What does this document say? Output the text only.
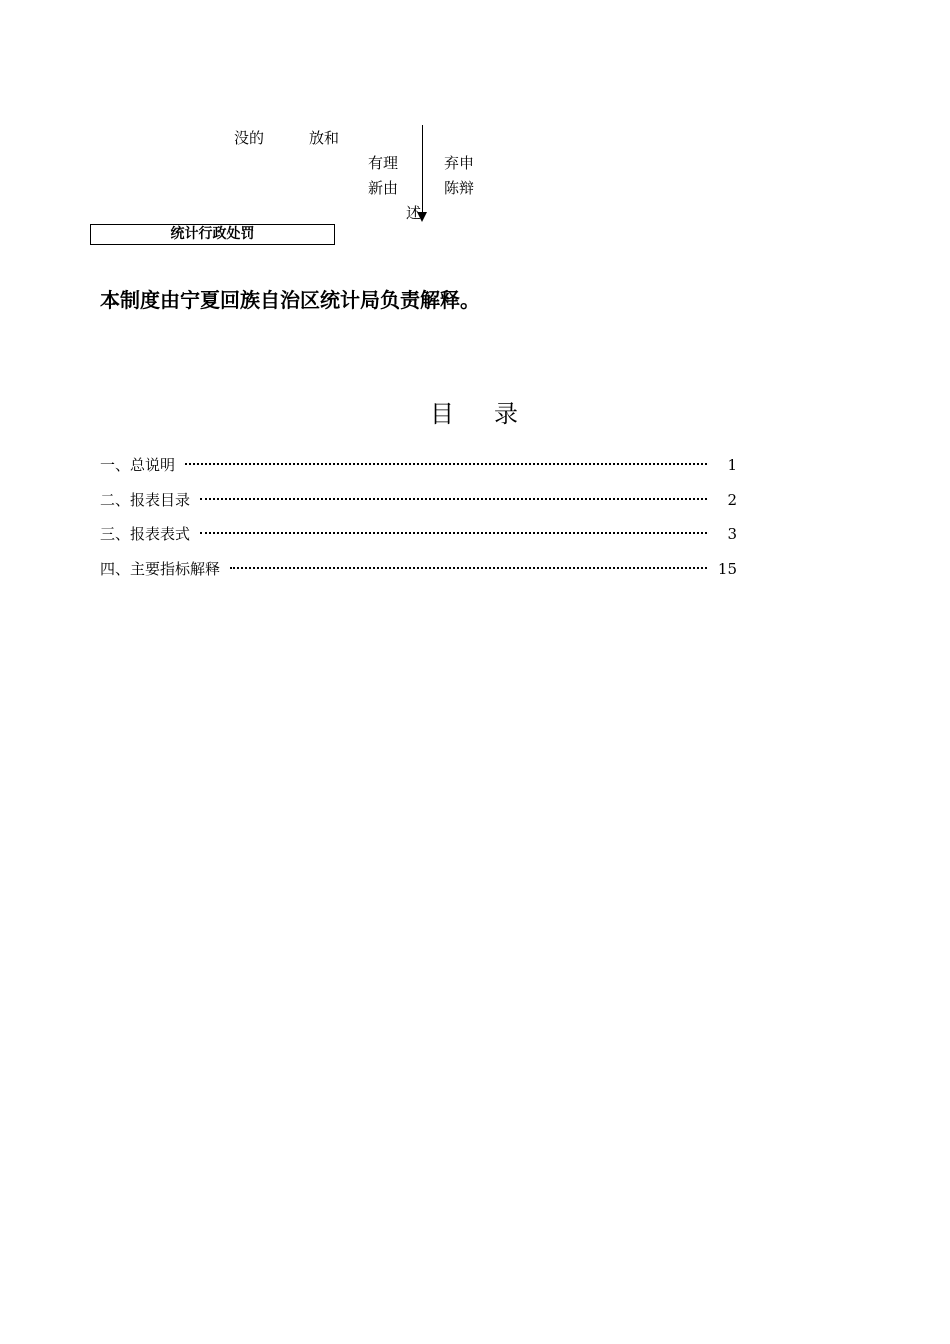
没的	放和
有理	弃申
新由	陈辩
述
统计行政处罚
本制度由宁夏回族自治区统计局负责解释。
目录
一、总说明	1
二、报表目录	2
三、报表表式	3
四、主要指标解释	15
